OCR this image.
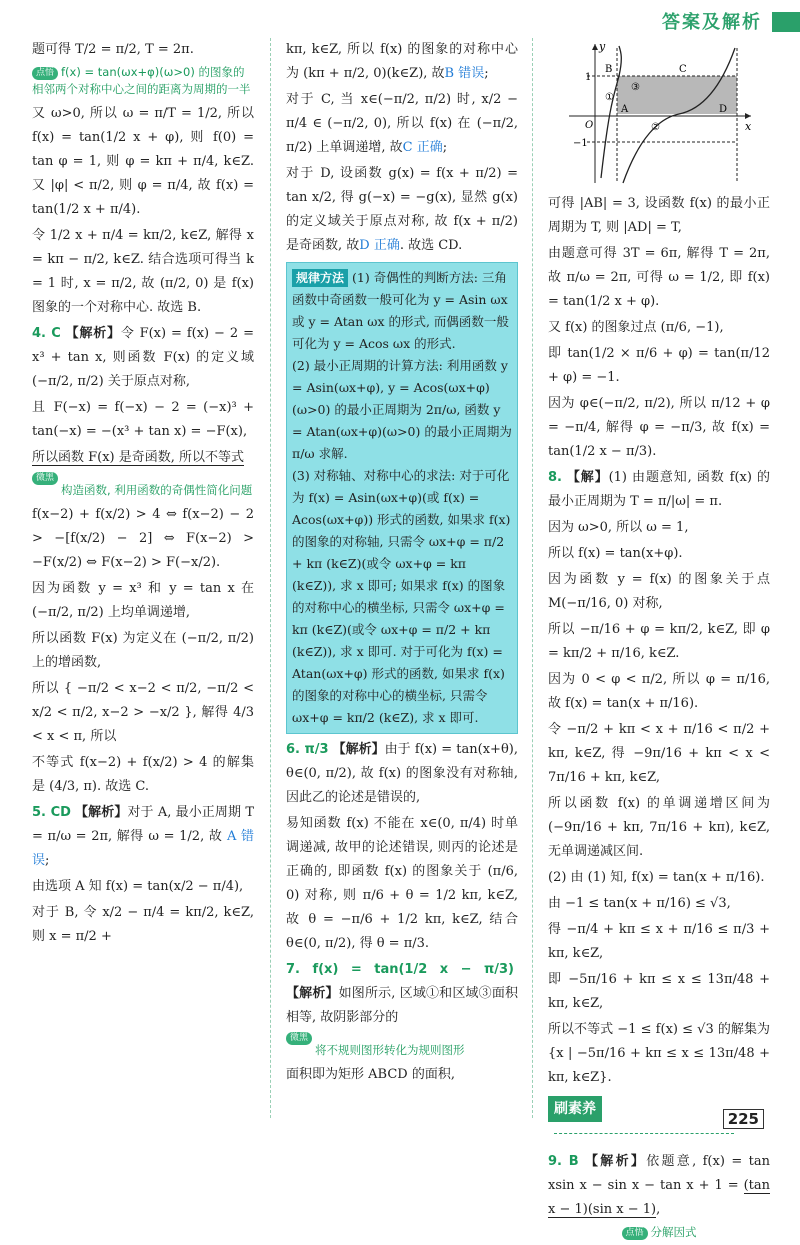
答案及解析

题可得 T/2 = π/2, T = 2π.

点悟 f(x) = tan(ωx+φ)(ω>0) 的图象的相邻两个对称中心之间的距离为周期的一半

又 ω>0, 所以 ω = π/T = 1/2, 所以 f(x) = tan(1/2 x + φ), 则 f(0) = tan φ = 1, 则 φ = kπ + π/4, k∈Z. 又 |φ| < π/2, 则 φ = π/4, 故 f(x) = tan(1/2 x + π/4).

令 1/2 x + π/4 = kπ/2, k∈Z, 解得 x = kπ − π/2, k∈Z. 结合选项可得当 k = 1 时, x = π/2, 故 (π/2, 0) 是 f(x) 图象的一个对称中心. 故选 B.

4. C 【解析】令 F(x) = f(x) − 2 = x³ + tan x, 则函数 F(x) 的定义域 (−π/2, π/2) 关于原点对称,

且 F(−x) = f(−x) − 2 = (−x)³ + tan(−x) = −(x³ + tan x) = −F(x),

所以函数 F(x) 是奇函数, 所以不等式

微黑板 构造函数, 利用函数的奇偶性简化问题

f(x−2) + f(x/2) > 4 ⇔ f(x−2) − 2 > −[f(x/2) − 2] ⇔ F(x−2) > −F(x/2) ⇔ F(x−2) > F(−x/2).

因为函数 y = x³ 和 y = tan x 在 (−π/2, π/2) 上均单调递增,

所以函数 F(x) 为定义在 (−π/2, π/2) 上的增函数,

所以 { −π/2 < x−2 < π/2, −π/2 < x/2 < π/2, x−2 > −x/2 }, 解得 4/3 < x < π, 所以

不等式 f(x−2) + f(x/2) > 4 的解集是 (4/3, π). 故选 C.

5. CD 【解析】对于 A, 最小正周期 T = π/ω = 2π, 解得 ω = 1/2, 故 A 错误;

由选项 A 知 f(x) = tan(x/2 − π/4),

对于 B, 令 x/2 − π/4 = kπ/2, k∈Z, 则 x = π/2 +

kπ, k∈Z, 所以 f(x) 的图象的对称中心为 (kπ + π/2, 0)(k∈Z), 故B 错误;

对于 C, 当 x∈(−π/2, π/2) 时, x/2 − π/4 ∈ (−π/2, 0), 所以 f(x) 在 (−π/2, π/2) 上单调递增, 故C 正确;

对于 D, 设函数 g(x) = f(x + π/2) = tan x/2, 得 g(−x) = −g(x), 显然 g(x) 的定义域关于原点对称, 故 f(x + π/2) 是奇函数, 故D 正确. 故选 CD.

规律方法 (1) 奇偶性的判断方法: 三角函数中奇函数一般可化为 y = Asin ωx 或 y = Atan ωx 的形式, 而偶函数一般可化为 y = Acos ωx 的形式.
(2) 最小正周期的计算方法: 利用函数 y = Asin(ωx+φ), y = Acos(ωx+φ)(ω>0) 的最小正周期为 2π/ω, 函数 y = Atan(ωx+φ)(ω>0) 的最小正周期为 π/ω 求解.
(3) 对称轴、对称中心的求法: 对于可化为 f(x) = Asin(ωx+φ)(或 f(x) = Acos(ωx+φ)) 形式的函数, 如果求 f(x) 的图象的对称轴, 只需令 ωx+φ = π/2 + kπ (k∈Z)(或令 ωx+φ = kπ (k∈Z)), 求 x 即可; 如果求 f(x) 的图象的对称中心的横坐标, 只需令 ωx+φ = kπ (k∈Z)(或令 ωx+φ = π/2 + kπ (k∈Z)), 求 x 即可. 对于可化为 f(x) = Atan(ωx+φ) 形式的函数, 如果求 f(x) 的图象的对称中心的横坐标, 只需令 ωx+φ = kπ/2 (k∈Z), 求 x 即可.

6. π/3 【解析】由于 f(x) = tan(x+θ), θ∈(0, π/2), 故 f(x) 的图象没有对称轴, 因此乙的论述是错误的,

易知函数 f(x) 不能在 x∈(0, π/4) 时单调递减, 故甲的论述错误, 则丙的论述是正确的, 即函数 f(x) 的图象关于 (π/6, 0) 对称, 则 π/6 + θ = 1/2 kπ, k∈Z, 故 θ = −π/6 + 1/2 kπ, k∈Z, 结合 θ∈(0, π/2), 得 θ = π/3.

7. f(x) = tan(1/2 x − π/3)【解析】如图所示, 区域①和区域③面积相等, 故阴影部分的

微黑板 将不规则图形转化为规则图形

面积即为矩形 ABCD 的面积,

y
x
O
1
−1
A
B	C
D
①
②
③

可得 |AB| = 3, 设函数 f(x) 的最小正周期为 T, 则 |AD| = T,

由题意可得 3T = 6π, 解得 T = 2π, 故 π/ω = 2π, 可得 ω = 1/2, 即 f(x) = tan(1/2 x + φ).

又 f(x) 的图象过点 (π/6, −1),

即 tan(1/2 × π/6 + φ) = tan(π/12 + φ) = −1.

因为 φ∈(−π/2, π/2), 所以 π/12 + φ = −π/4, 解得 φ = −π/3, 故 f(x) = tan(1/2 x − π/3).

8. 【解】(1) 由题意知, 函数 f(x) 的最小正周期为 T = π/|ω| = π.

因为 ω>0, 所以 ω = 1,

所以 f(x) = tan(x+φ).

因为函数 y = f(x) 的图象关于点 M(−π/16, 0) 对称,

所以 −π/16 + φ = kπ/2, k∈Z, 即 φ = kπ/2 + π/16, k∈Z.

因为 0 < φ < π/2, 所以 φ = π/16, 故 f(x) = tan(x + π/16).

令 −π/2 + kπ < x + π/16 < π/2 + kπ, k∈Z, 得 −9π/16 + kπ < x < 7π/16 + kπ, k∈Z,

所以函数 f(x) 的单调递增区间为 (−9π/16 + kπ, 7π/16 + kπ), k∈Z, 无单调递减区间.

(2) 由 (1) 知, f(x) = tan(x + π/16).

由 −1 ≤ tan(x + π/16) ≤ √3,

得 −π/4 + kπ ≤ x + π/16 ≤ π/3 + kπ, k∈Z,

即 −5π/16 + kπ ≤ x ≤ 13π/48 + kπ, k∈Z,

所以不等式 −1 ≤ f(x) ≤ √3 的解集为 {x | −5π/16 + kπ ≤ x ≤ 13π/48 + kπ, k∈Z}.

刷素养

9. B 【解析】依题意, f(x) = tan xsin x − sin x − tan x + 1 = (tan x − 1)(sin x − 1),

点悟 分解因式
225
